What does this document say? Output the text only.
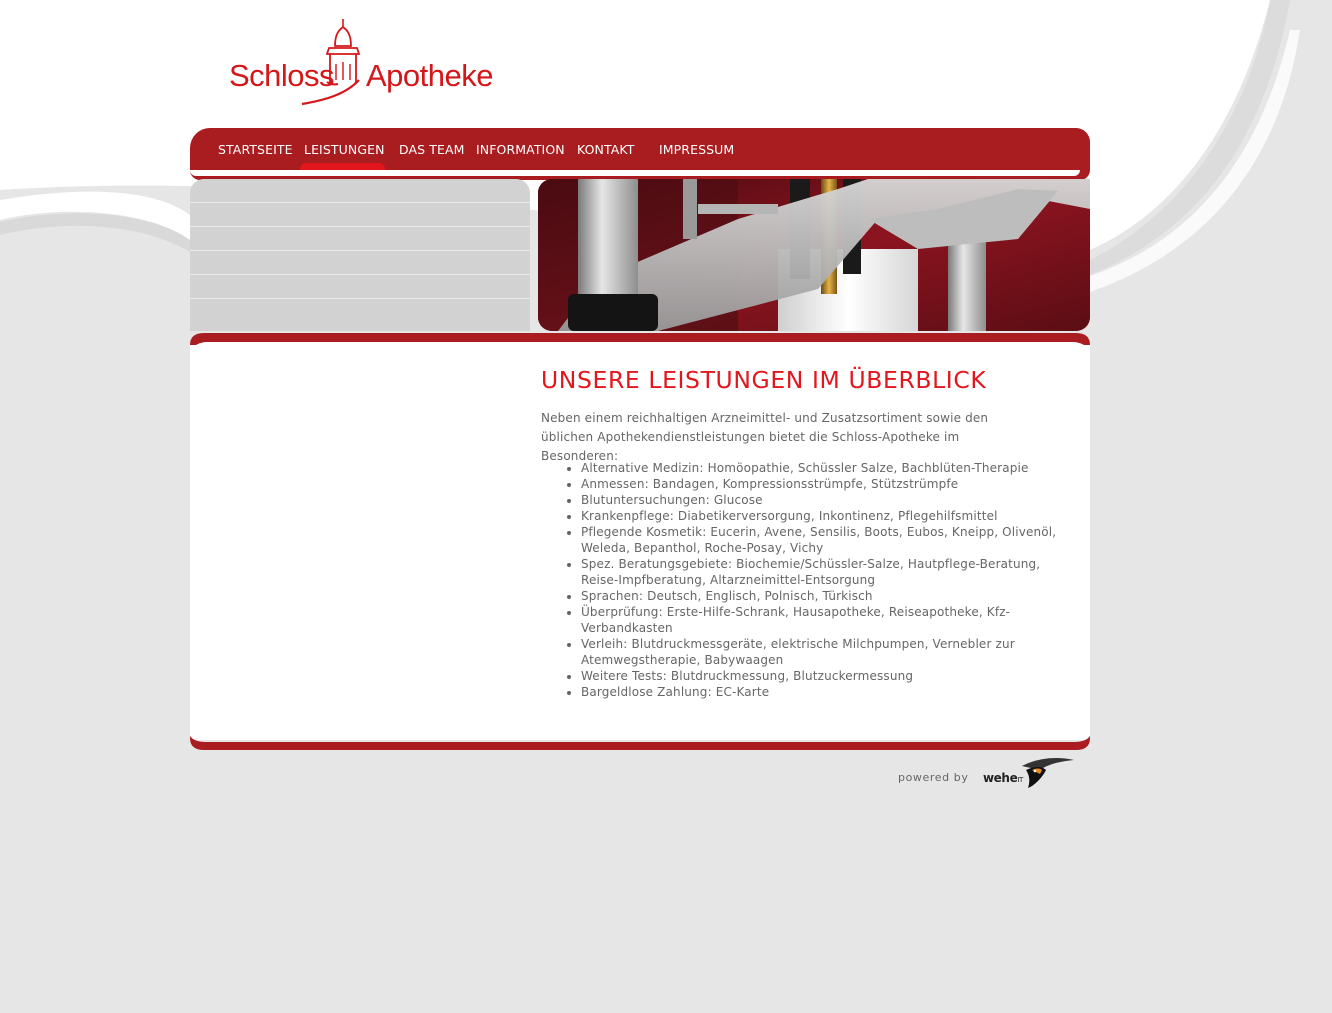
Schloss Apotheke
STARTSEITE LEISTUNGEN DAS TEAM INFORMATION KONTAKT IMPRESSUM
UNSERE LEISTUNGEN IM ÜBERBLICK

Neben einem reichhaltigen Arzneimittel- und Zusatzsortiment sowie den üblichen Apothekendienstleistungen bietet die Schloss-Apotheke im Besonderen:

• Alternative Medizin: Homöopathie, Schüssler Salze, Bachblüten-Therapie
• Anmessen: Bandagen, Kompressionsstrümpfe, Stützstrümpfe
• Blutuntersuchungen: Glucose
• Krankenpflege: Diabetikerversorgung, Inkontinenz, Pflegehilfsmittel
• Pflegende Kosmetik: Eucerin, Avene, Sensilis, Boots, Eubos, Kneipp, Olivenöl, Weleda, Bepanthol, Roche-Posay, Vichy
• Spez. Beratungsgebiete: Biochemie/Schüssler-Salze, Hautpflege-Beratung, Reise-Impfberatung, Altarzneimittel-Entsorgung
• Sprachen: Deutsch, Englisch, Polnisch, Türkisch
• Überprüfung: Erste-Hilfe-Schrank, Hausapotheke, Reiseapotheke, Kfz-Verbandkasten
• Verleih: Blutdruckmessgeräte, elektrische Milchpumpen, Vernebler zur Atemwegstherapie, Babywaagen
• Weitere Tests: Blutdruckmessung, Blutzuckermessung
• Bargeldlose Zahlung: EC-Karte
powered by weheIT
